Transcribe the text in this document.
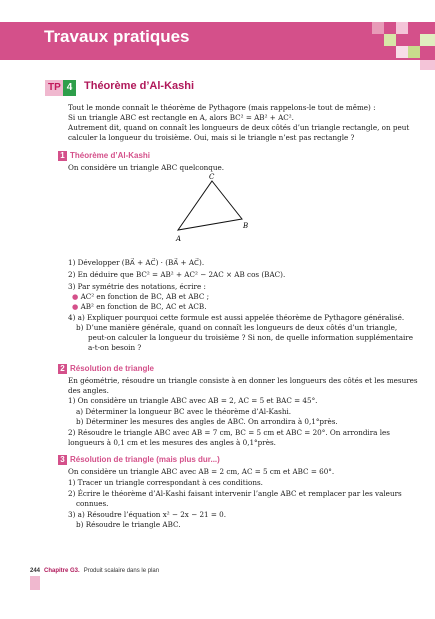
Travaux pratiques
TP 4	Théorème d’Al-Kashi
Tout le monde connaît le théorème de Pythagore (mais rappelons-le tout de même) :
Si un triangle ABC est rectangle en A, alors BC² = AB² + AC².
Autrement dit, quand on connaît les longueurs de deux côtés d’un triangle rectangle, on peut
calculer la longueur du troisième. Oui, mais si le triangle n’est pas rectangle ?
1 Théorème d’Al-Kashi
On considère un triangle ABC quelconque.
C
B
A
1) Développer (BA⃗ + AC⃗) · (BA⃗ + AC⃗).
2) En déduire que BC² = AB² + AC² − 2AC × AB cos (BAC).
3) Par symétrie des notations, écrire :
● AC² en fonction de BC, AB et ABC ;
● AB² en fonction de BC, AC et ACB.
4) a) Expliquer pourquoi cette formule est aussi appelée théorème de Pythagore généralisé.
b) D’une manière générale, quand on connaît les longueurs de deux côtés d’un triangle,
peut-on calculer la longueur du troisième ? Si non, de quelle information supplémentaire
a-t-on besoin ?
2 Résolution de triangle
En géométrie, résoudre un triangle consiste à en donner les longueurs des côtés et les mesures
des angles.
1) On considère un triangle ABC avec AB = 2, AC = 5 et BAC = 45°.
a) Déterminer la longueur BC avec le théorème d’Al-Kashi.
b) Déterminer les mesures des angles de ABC. On arrondira à 0,1°près.
2) Résoudre le triangle ABC avec AB = 7 cm, BC = 5 cm et ABC = 20°. On arrondira les
longueurs à 0,1 cm et les mesures des angles à 0,1°près.
3 Résolution de triangle (mais plus dur...)
On considère un triangle ABC avec AB = 2 cm, AC = 5 cm et ABC = 60°.
1) Tracer un triangle correspondant à ces conditions.
2) Écrire le théorème d’Al-Kashi faisant intervenir l’angle ABC et remplacer par les valeurs
connues.
3) a) Résoudre l’équation x² − 2x − 21 = 0.
b) Résoudre le triangle ABC.
244 Chapitre G3. Produit scalaire dans le plan
